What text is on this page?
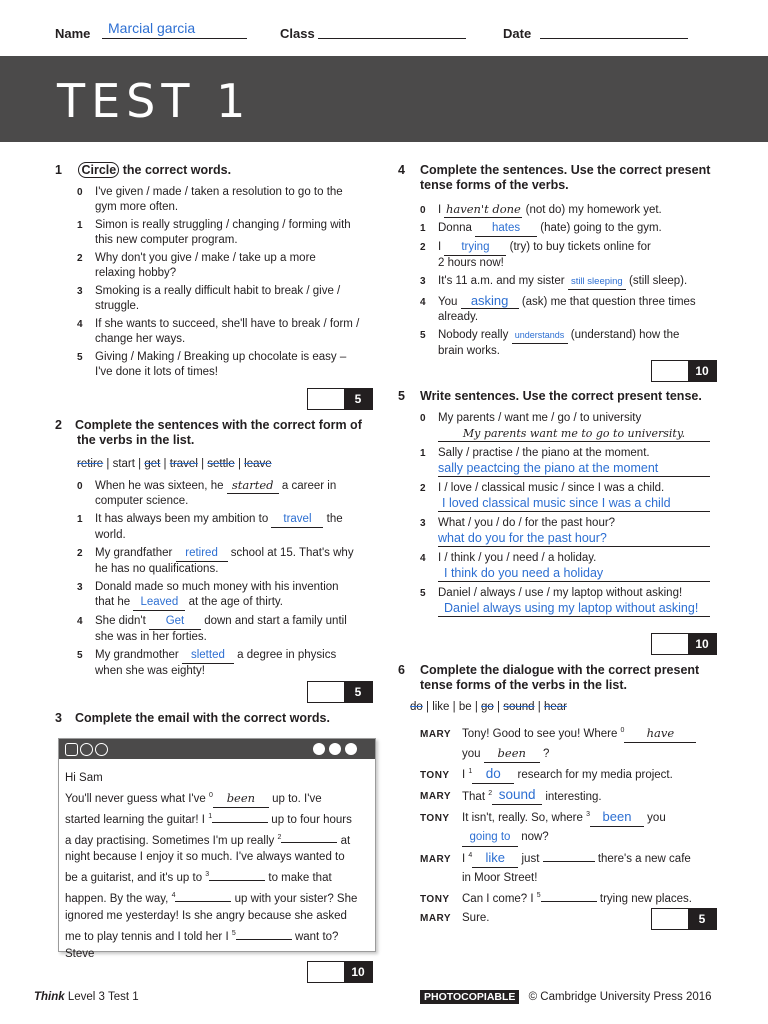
Name Marcial garcia	Class	Date
TEST 1
1 Circle the correct words.
0 I've given / made / taken a resolution to go to the
gym more often.
1 Simon is really struggling / changing / forming with
this new computer program.
2 Why don't you give / make / take up a more
relaxing hobby?
3 Smoking is a really difficult habit to break / give /
struggle.
4 If she wants to succeed, she'll have to break / form /
change her ways.
5 Giving / Making / Breaking up chocolate is easy –
I've done it lots of times!
5
2 Complete the sentences with the correct form of
the verbs in the list.
retire | start | get | travel | settle | leave
0 When he was sixteen, he started a career in
computer science.
1 It has always been my ambition to travel the
world.
2 My grandfather retired school at 15. That's why
he has no qualifications.
3 Donald made so much money with his invention
that he Leaved at the age of thirty.
4 She didn't Get down and start a family until
she was in her forties.
5 My grandmother sletted a degree in physics
when she was eighty!
5
3 Complete the email with the correct words.
Hi Sam
You'll never guess what I've $^0$ been up to. I've
started learning the guitar! I $^1$	up to four hours
a day practising. Sometimes I'm up really $^2$	at
night because I enjoy it so much. I've always wanted to
be a guitarist, and it's up to $^3$	to make that
happen. By the way, $^4$	up with your sister? She
ignored me yesterday! Is she angry because she asked
me to play tennis and I told her I $^5$	want to?
Steve
10
4 Complete the sentences. Use the correct present
tense forms of the verbs.
0 I haven't done (not do) my homework yet.
1 Donna hates (hate) going to the gym.
2 I trying (try) to buy tickets online for
2 hours now!
3 It's 11 a.m. and my sister still sleeping (still sleep).
4 You asking (ask) me that question three times
already.
5 Nobody really understands (understand) how the
brain works.
10
5 Write sentences. Use the correct present tense.
0 My parents / want me / go / to university
My parents want me to go to university.
1 Sally / practise / the piano at the moment.
sally peactcing the piano at the moment
2 I / love / classical music / since I was a child.
I loved classical music since I was a child
3 What / you / do / for the past hour?
what do you for the past hour?
4 I / think / you / need / a holiday.
I think do you need a holiday
5 Daniel / always / use / my laptop without asking!
Daniel always using my laptop without asking!
10
6 Complete the dialogue with the correct present
tense forms of the verbs in the list.
do | like | be | go | sound | hear
MARY Tony! Good to see you! Where $^0$ have
you been ?
TONY I $^1$ do research for my media project.
MARY That $^2$ sound interesting.
TONY It isn't, really. So, where $^3$ been you
going to now?
MARY I $^4$ like just	there's a new cafe
in Moor Street!
TONY Can I come? I $^5$	trying new places.
MARY Sure.	5
Think Level 3 Test 1	PHOTOCOPIABLE © Cambridge University Press 2016
